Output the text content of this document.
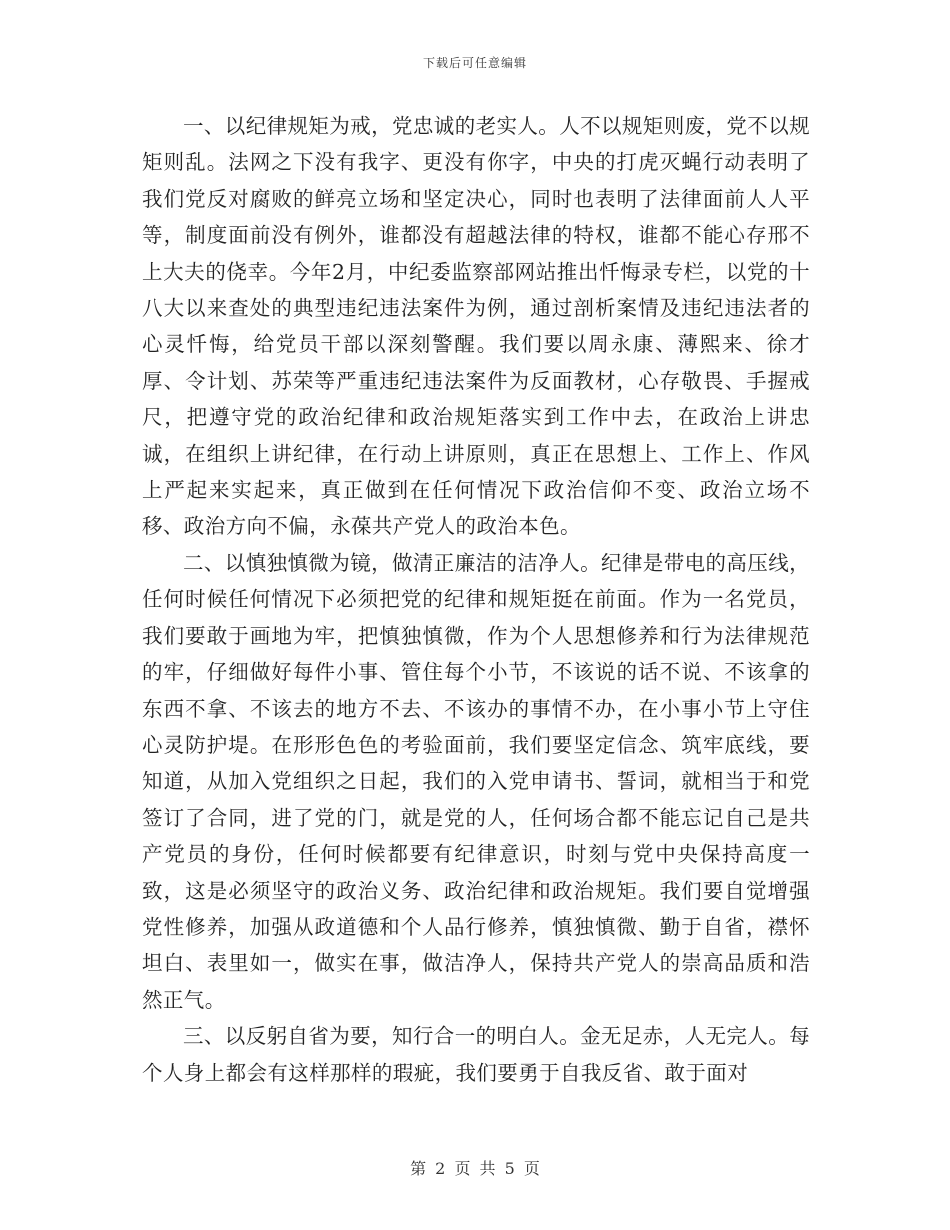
下载后可任意编辑

一、以纪律规矩为戒，党忠诚的老实人。人不以规矩则废，党不以规矩则乱。法网之下没有我字、更没有你字，中央的打虎灭蝇行动表明了我们党反对腐败的鲜亮立场和坚定决心，同时也表明了法律面前人人平等，制度面前没有例外，谁都没有超越法律的特权，谁都不能心存邢不上大夫的侥幸。今年2月，中纪委监察部网站推出忏悔录专栏，以党的十八大以来查处的典型违纪违法案件为例，通过剖析案情及违纪违法者的心灵忏悔，给党员干部以深刻警醒。我们要以周永康、薄熙来、徐才厚、令计划、苏荣等严重违纪违法案件为反面教材，心存敬畏、手握戒尺，把遵守党的政治纪律和政治规矩落实到工作中去，在政治上讲忠诚，在组织上讲纪律，在行动上讲原则，真正在思想上、工作上、作风上严起来实起来，真正做到在任何情况下政治信仰不变、政治立场不移、政治方向不偏，永葆共产党人的政治本色。

二、以慎独慎微为镜，做清正廉洁的洁净人。纪律是带电的高压线，任何时候任何情况下必须把党的纪律和规矩挺在前面。作为一名党员，我们要敢于画地为牢，把慎独慎微，作为个人思想修养和行为法律规范的牢，仔细做好每件小事、管住每个小节，不该说的话不说、不该拿的东西不拿、不该去的地方不去、不该办的事情不办，在小事小节上守住心灵防护堤。在形形色色的考验面前，我们要坚定信念、筑牢底线，要知道，从加入党组织之日起，我们的入党申请书、誓词，就相当于和党签订了合同，进了党的门，就是党的人，任何场合都不能忘记自己是共产党员的身份，任何时候都要有纪律意识，时刻与党中央保持高度一致，这是必须坚守的政治义务、政治纪律和政治规矩。我们要自觉增强党性修养，加强从政道德和个人品行修养，慎独慎微、勤于自省，襟怀坦白、表里如一，做实在事，做洁净人，保持共产党人的崇高品质和浩然正气。

三、以反躬自省为要，知行合一的明白人。金无足赤，人无完人。每个人身上都会有这样那样的瑕疵，我们要勇于自我反省、敢于面对

第 2 页 共 5 页
